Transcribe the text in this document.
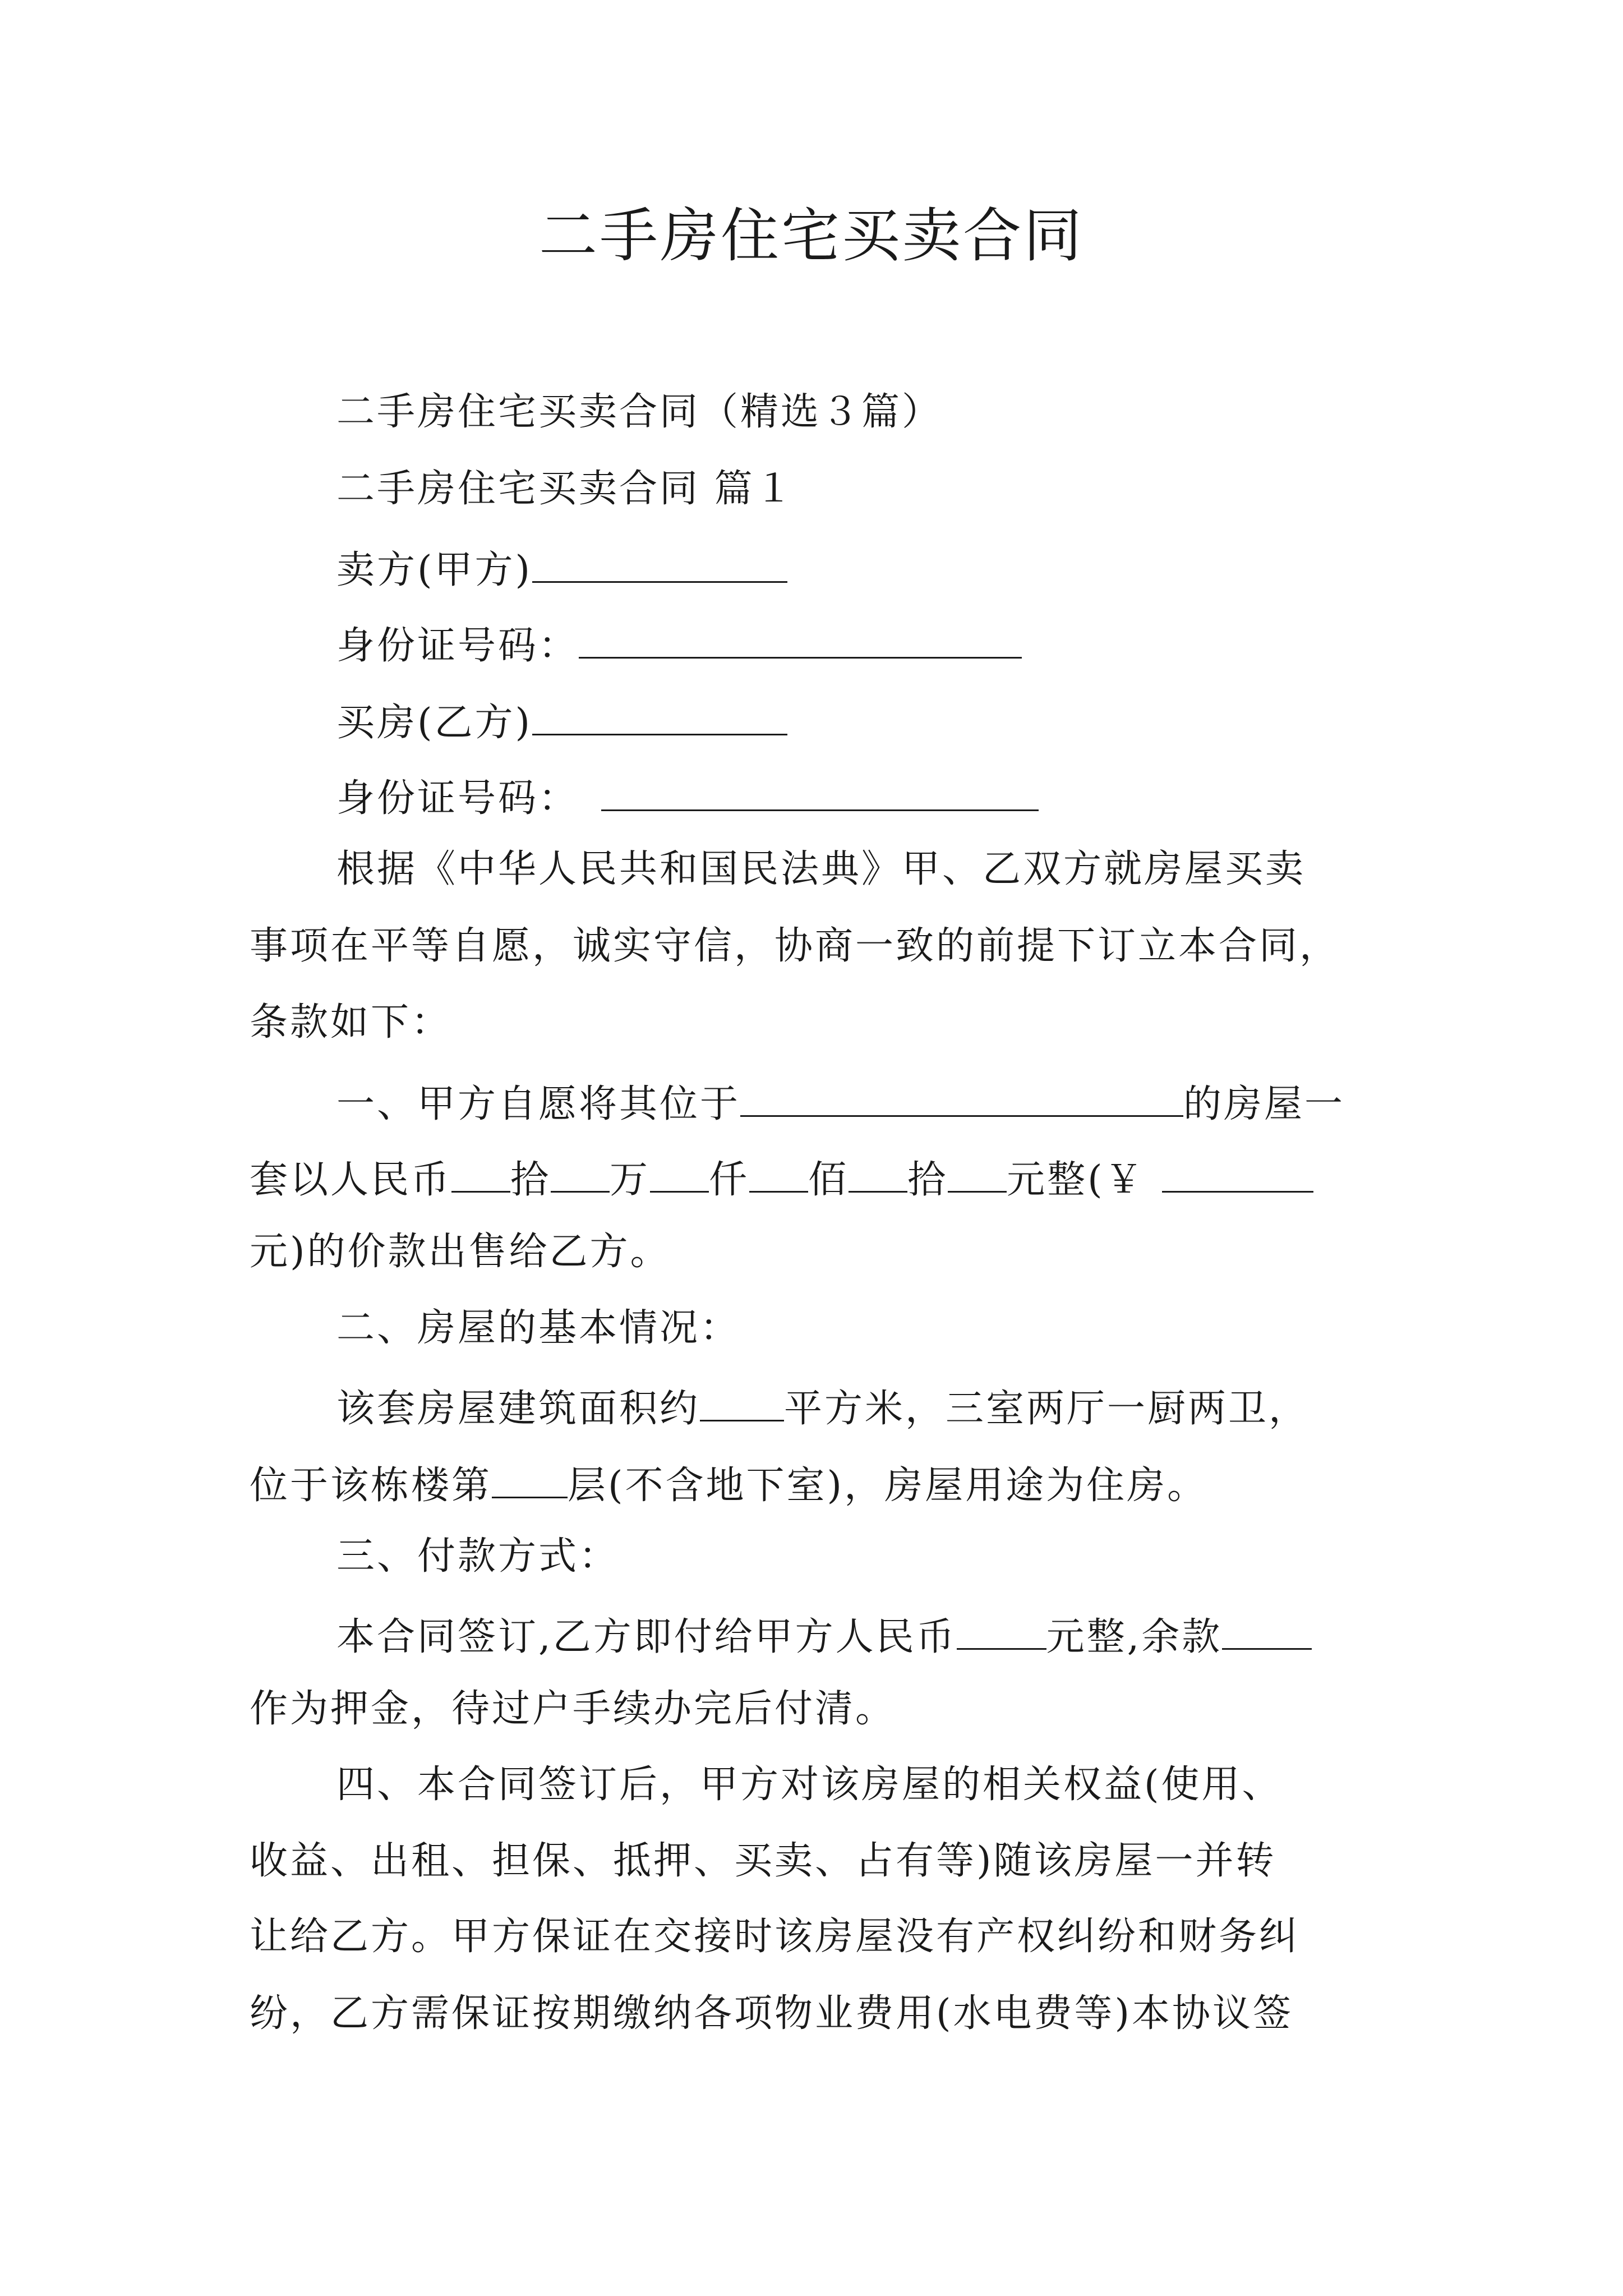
二手房住宅买卖合同
二手房住宅买卖合同（精选３篇）
二手房住宅买卖合同 篇１
卖方(甲方)
身份证号码：
买房(乙方)
身份证号码：
根据《中华人民共和国民法典》甲、乙双方就房屋买卖
事项在平等自愿，诚实守信，协商一致的前提下订立本合同，
条款如下：
一、甲方自愿将其位于	的房屋一
套以人民币 拾 万 仟 佰 拾 元整(￥
元)的价款出售给乙方。
二、房屋的基本情况：
该套房屋建筑面积约 平方米，三室两厅一厨两卫，
位于该栋楼第 层(不含地下室)，房屋用途为住房。
三、付款方式：
本合同签订,乙方即付给甲方人民币 元整,余款
作为押金，待过户手续办完后付清。
四、本合同签订后，甲方对该房屋的相关权益(使用、
收益、出租、担保、抵押、买卖、占有等)随该房屋一并转
让给乙方。甲方保证在交接时该房屋没有产权纠纷和财务纠
纷，乙方需保证按期缴纳各项物业费用(水电费等)本协议签
